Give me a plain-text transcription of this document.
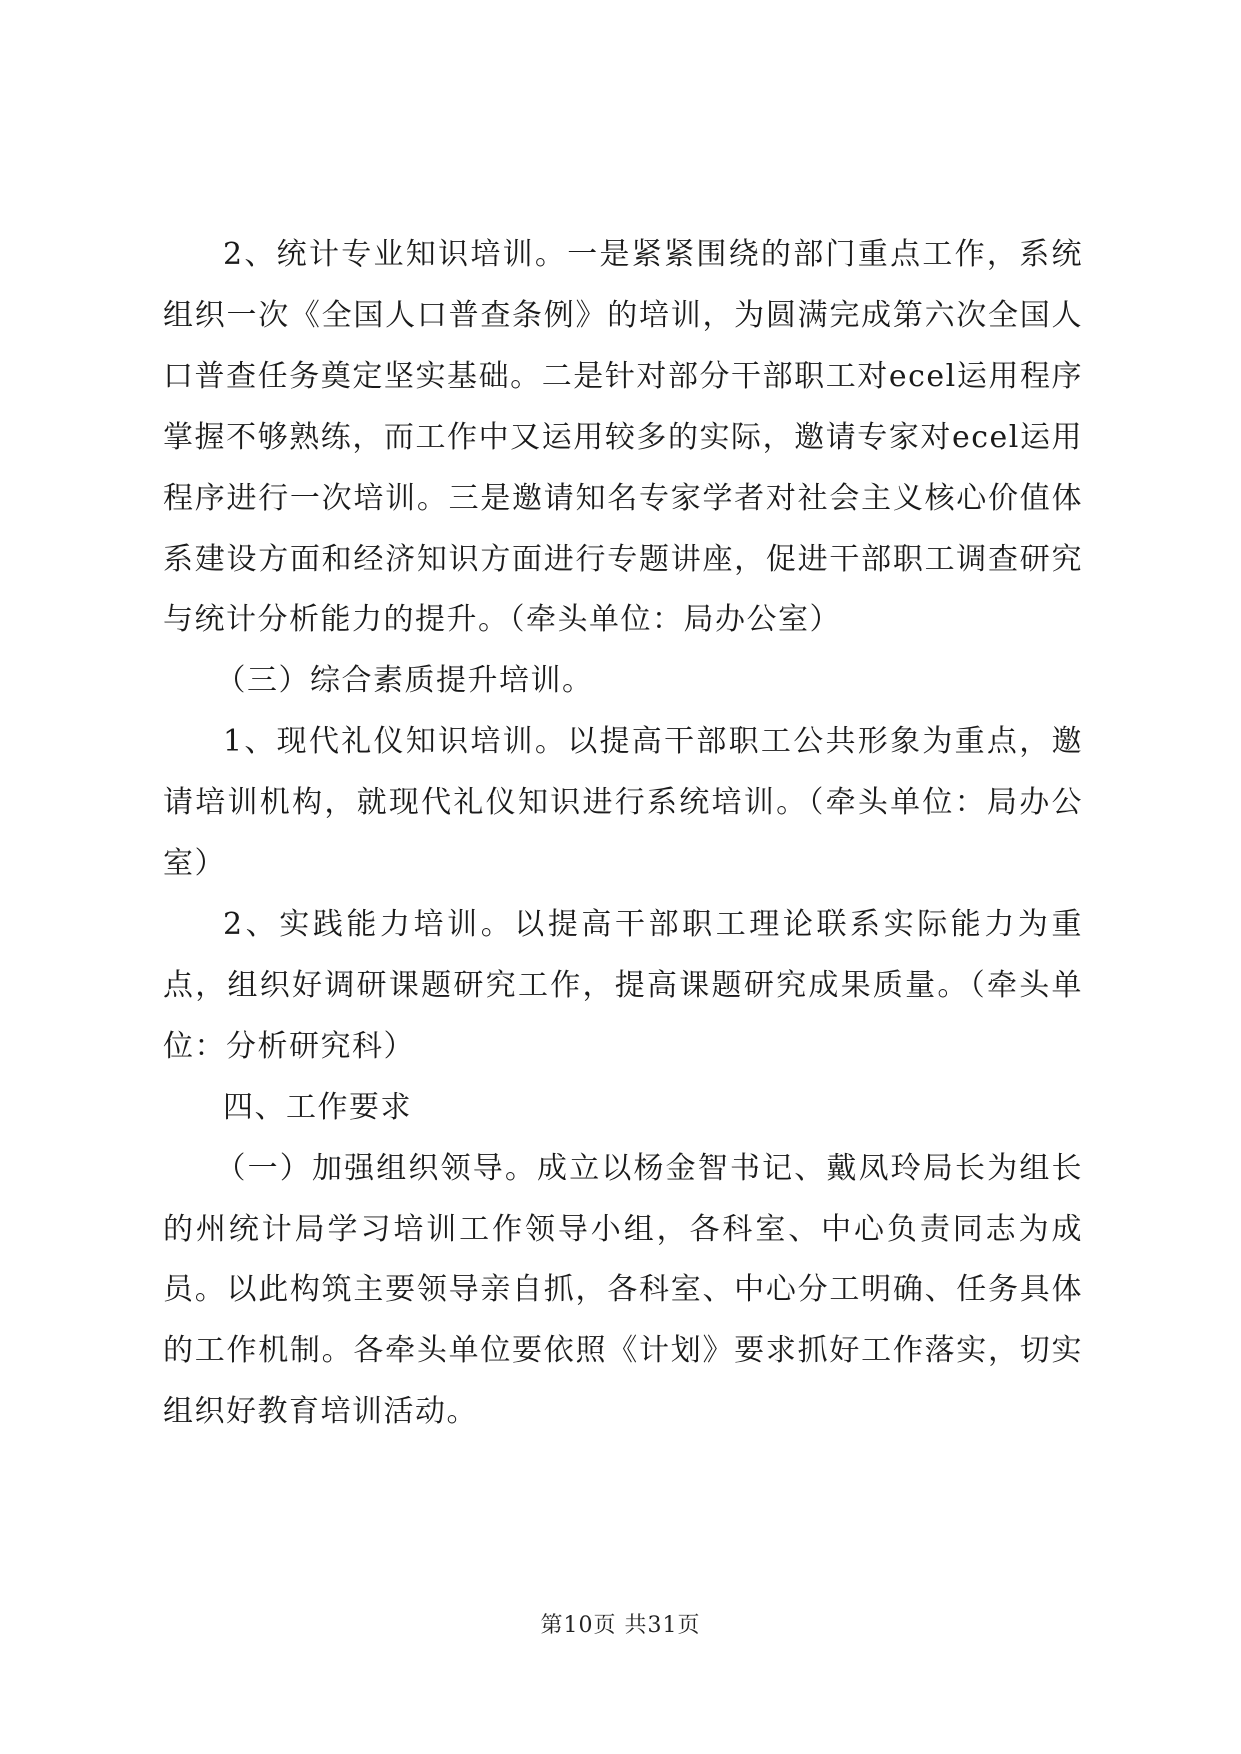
2、统计专业知识培训。一是紧紧围绕的部门重点工作，系统组织一次《全国人口普查条例》的培训，为圆满完成第六次全国人口普查任务奠定坚实基础。二是针对部分干部职工对ecel运用程序掌握不够熟练，而工作中又运用较多的实际，邀请专家对ecel运用程序进行一次培训。三是邀请知名专家学者对社会主义核心价值体系建设方面和经济知识方面进行专题讲座，促进干部职工调查研究与统计分析能力的提升。（牵头单位：局办公室）

（三）综合素质提升培训。

1、现代礼仪知识培训。以提高干部职工公共形象为重点，邀请培训机构，就现代礼仪知识进行系统培训。（牵头单位：局办公室）

2、实践能力培训。以提高干部职工理论联系实际能力为重点，组织好调研课题研究工作，提高课题研究成果质量。（牵头单位：分析研究科）

四、工作要求

（一）加强组织领导。成立以杨金智书记、戴凤玲局长为组长的州统计局学习培训工作领导小组，各科室、中心负责同志为成员。以此构筑主要领导亲自抓，各科室、中心分工明确、任务具体的工作机制。各牵头单位要依照《计划》要求抓好工作落实，切实组织好教育培训活动。

第10页 共31页
